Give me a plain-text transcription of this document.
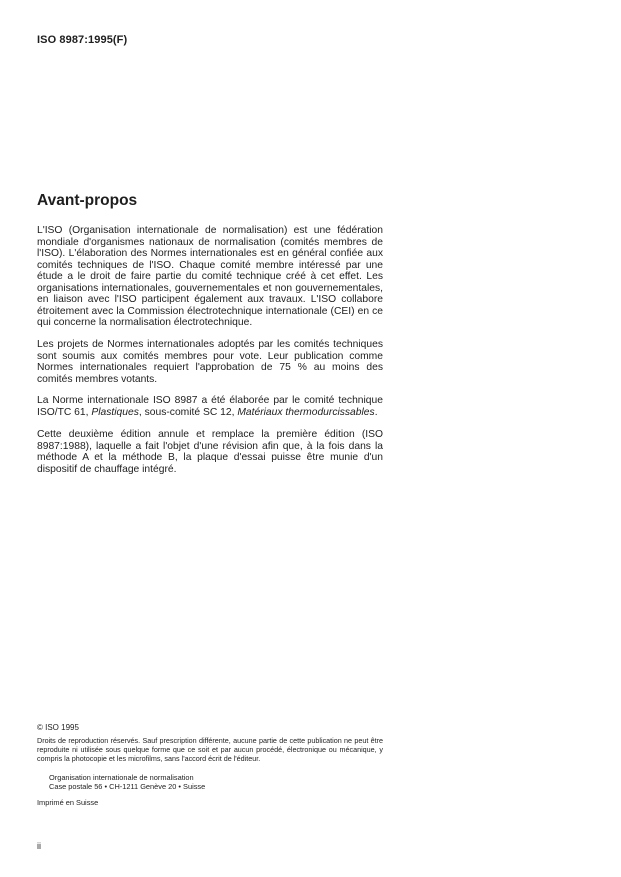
ISO 8987:1995(F)
Avant-propos

L'ISO (Organisation internationale de normalisation) est une fédération mondiale d'organismes nationaux de normalisation (comités membres de l'ISO). L'élaboration des Normes internationales est en général confiée aux comités techniques de l'ISO. Chaque comité membre intéressé par une étude a le droit de faire partie du comité technique créé à cet effet. Les organisations internationales, gouvernementales et non gouvernementales, en liaison avec l'ISO participent également aux travaux. L'ISO collabore étroitement avec la Commission électrotechnique internationale (CEI) en ce qui concerne la normalisation électrotechnique.

Les projets de Normes internationales adoptés par les comités techniques sont soumis aux comités membres pour vote. Leur publication comme Normes internationales requiert l'approbation de 75 % au moins des comités membres votants.

La Norme internationale ISO 8987 a été élaborée par le comité technique ISO/TC 61, Plastiques, sous-comité SC 12, Matériaux thermodurcissables.

Cette deuxième édition annule et remplace la première édition (ISO 8987:1988), laquelle a fait l'objet d'une révision afin que, à la fois dans la méthode A et la méthode B, la plaque d'essai puisse être munie d'un dispositif de chauffage intégré.

© ISO 1995
Droits de reproduction réservés. Sauf prescription différente, aucune partie de cette publication ne peut être reproduite ni utilisée sous quelque forme que ce soit et par aucun procédé, électronique ou mécanique, y compris la photocopie et les microfilms, sans l'accord écrit de l'éditeur.
Organisation internationale de normalisation
Case postale 56 • CH-1211 Genève 20 • Suisse
Imprimé en Suisse
ii
